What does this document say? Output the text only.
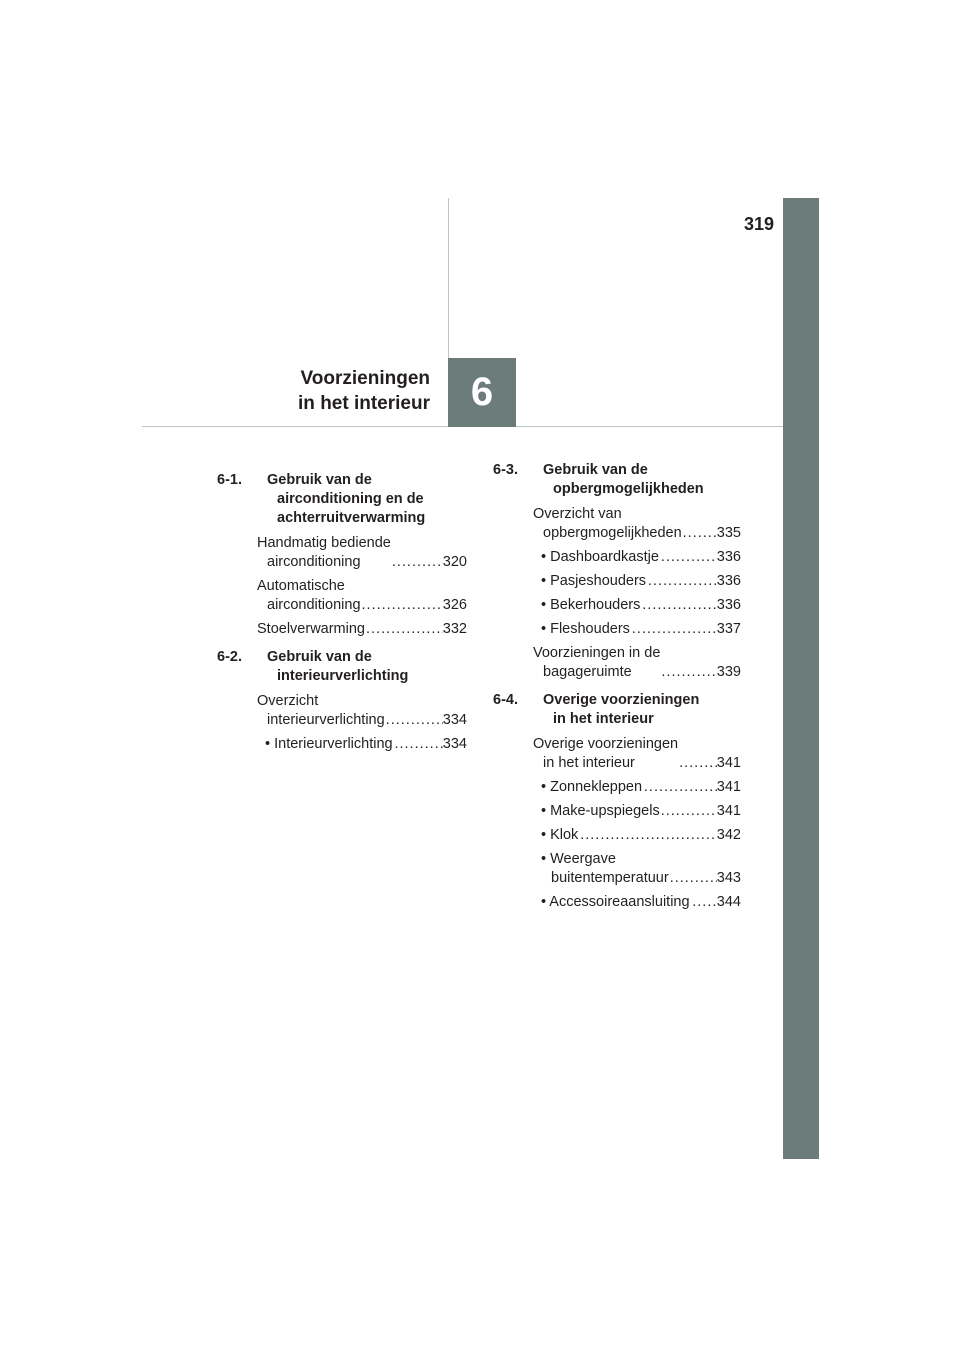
319
Voorzieningen
in het interieur 6
6-1.	Gebruik van de
airconditioning en de
achterruitverwarming
Handmatig bediende
airconditioning .....	320
Automatische
airconditioning .....	326
Stoelverwarming .....	332
6-2.	Gebruik van de
interieurverlichting
Overzicht
interieurverlichting .....	334
• Interieurverlichting .....	334
6-3.	Gebruik van de
opbergmogelijkheden
Overzicht van
opbergmogelijkheden ..... 335
• Dashboardkastje .....	336
• Pasjeshouders .....	336
• Bekerhouders .....	336
• Fleshouders .....	337
Voorzieningen in de
bagageruimte .....	339
6-4.	Overige voorzieningen
in het interieur
Overige voorzieningen
in het interieur .....	341
• Zonnekleppen .....	341
• Make-upspiegels .....	341
• Klok .....	342
• Weergave
buitentemperatuur .....	343
• Accessoireaansluiting ..... 344
